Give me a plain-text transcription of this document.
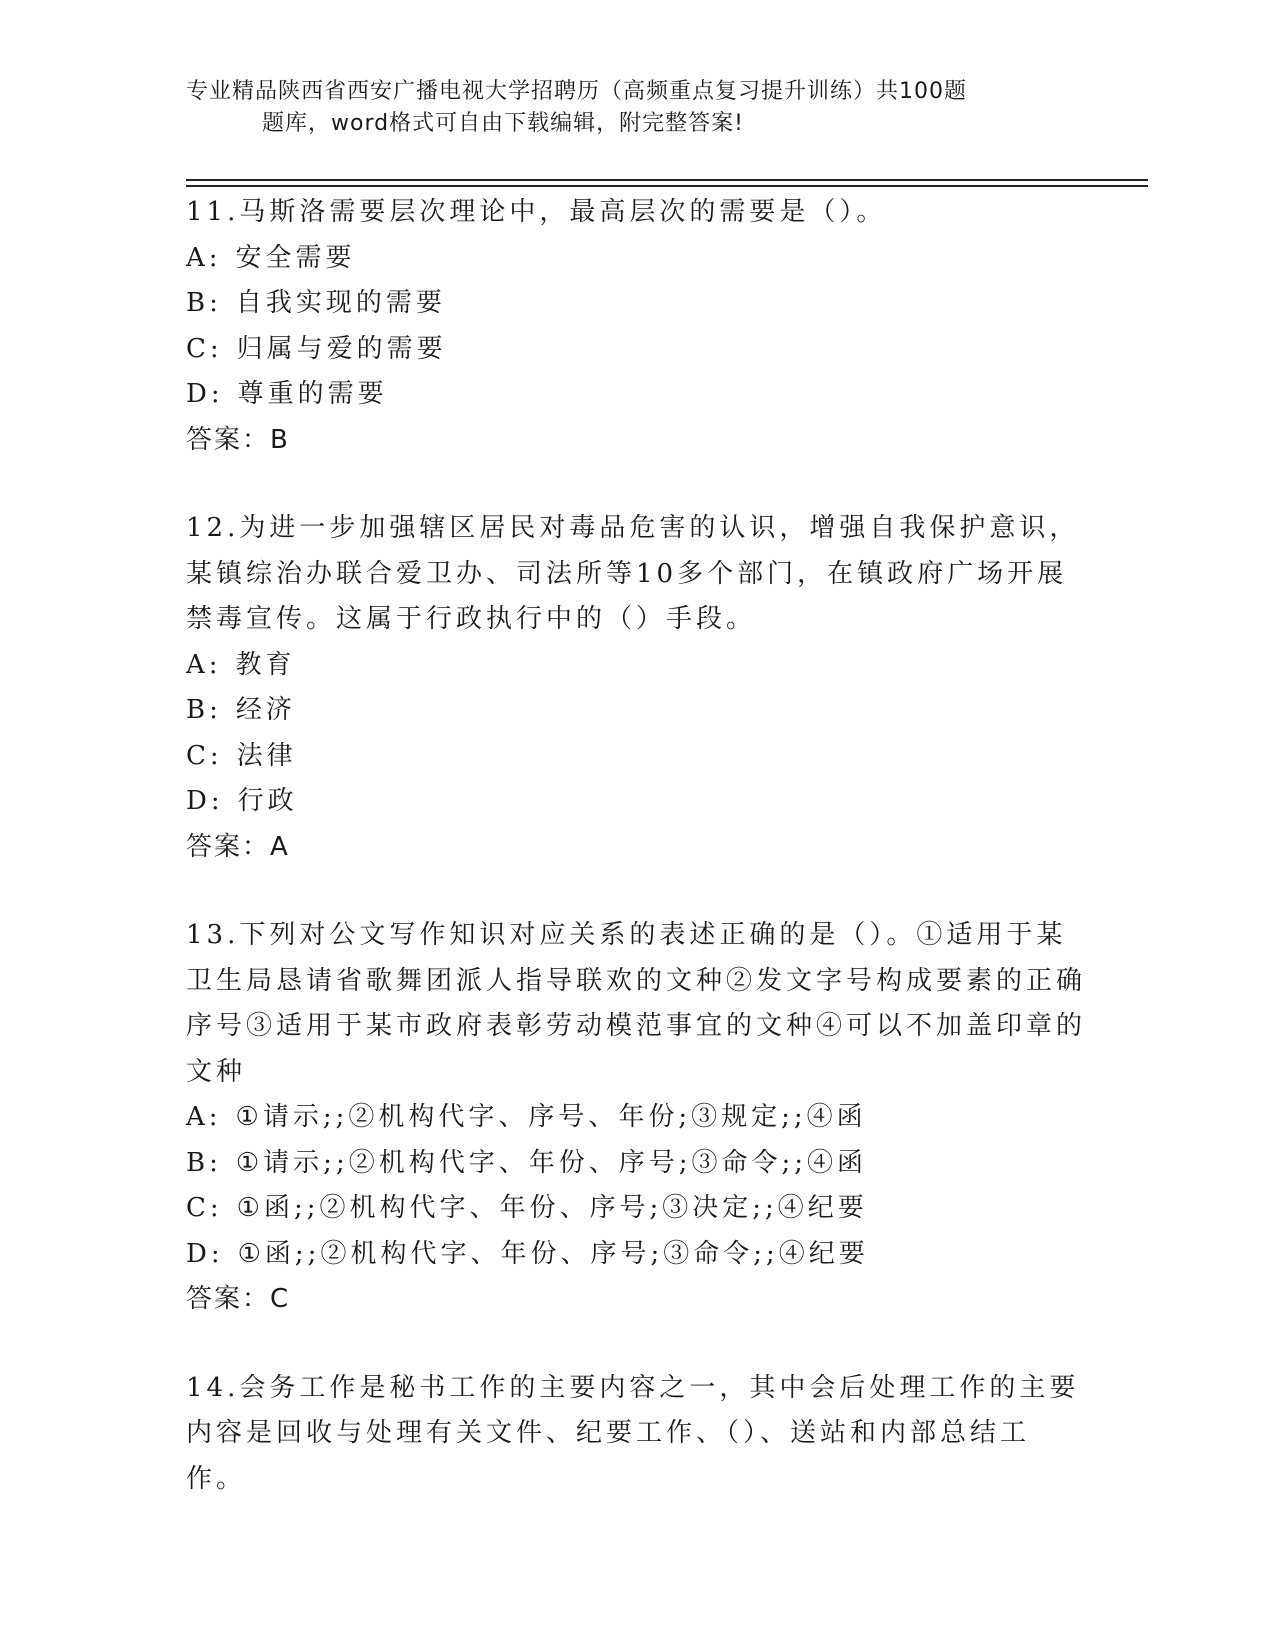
专业精品陕西省西安广播电视大学招聘历（高频重点复习提升训练）共100题
题库，word格式可自由下载编辑，附完整答案!
11.马斯洛需要层次理论中，最高层次的需要是（）。
A: 安全需要
B: 自我实现的需要
C: 归属与爱的需要
D: 尊重的需要
答案：B
12.为进一步加强辖区居民对毒品危害的认识，增强自我保护意识，某镇综治办联合爱卫办、司法所等10多个部门，在镇政府广场开展禁毒宣传。这属于行政执行中的（）手段。
A: 教育
B: 经济
C: 法律
D: 行政
答案：A
13.下列对公文写作知识对应关系的表述正确的是（）。①适用于某卫生局恳请省歌舞团派人指导联欢的文种②发文字号构成要素的正确序号③适用于某市政府表彰劳动模范事宜的文种④可以不加盖印章的文种
A: ①请示;;②机构代字、序号、年份;③规定;;④函
B: ①请示;;②机构代字、年份、序号;③命令;;④函
C: ①函;;②机构代字、年份、序号;③决定;;④纪要
D: ①函;;②机构代字、年份、序号;③命令;;④纪要
答案：C
14.会务工作是秘书工作的主要内容之一，其中会后处理工作的主要内容是回收与处理有关文件、纪要工作、（）、送站和内部总结工作。
